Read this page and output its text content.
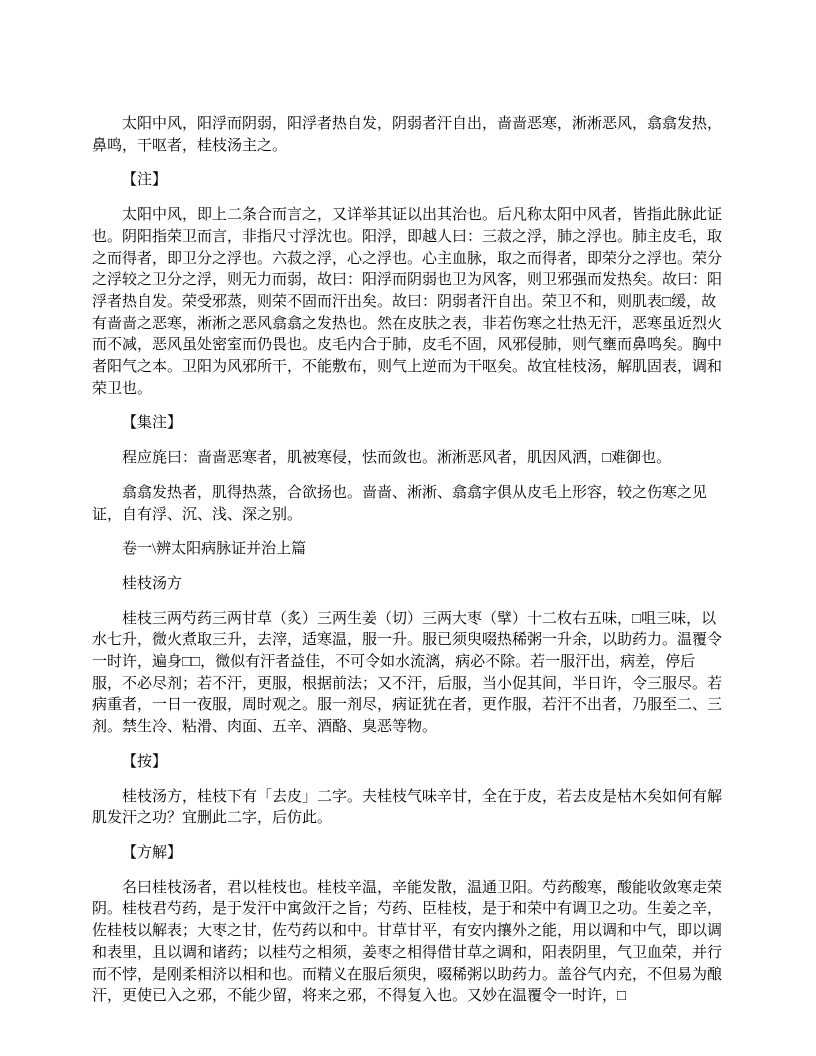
太阳中风，阳浮而阴弱，阳浮者热自发，阴弱者汗自出，啬啬恶寒，淅淅恶风，翕翕发热，鼻鸣，干呕者，桂枝汤主之。

【注】

太阳中风，即上二条合而言之，又详举其证以出其治也。后凡称太阳中风者，皆指此脉此证也。阴阳指荣卫而言，非指尺寸浮沈也。阳浮，即越人曰：三菽之浮，肺之浮也。肺主皮毛，取之而得者，即卫分之浮也。六菽之浮，心之浮也。心主血脉，取之而得者，即荣分之浮也。荣分之浮较之卫分之浮，则无力而弱，故曰：阳浮而阴弱也卫为风客，则卫邪强而发热矣。故曰：阳浮者热自发。荣受邪蒸，则荣不固而汗出矣。故曰：阴弱者汗自出。荣卫不和，则肌表□缓，故有啬啬之恶寒，淅淅之恶风翕翕之发热也。然在皮肤之表，非若伤寒之壮热无汗，恶寒虽近烈火而不减，恶风虽处密室而仍畏也。皮毛内合于肺，皮毛不固，风邪侵肺，则气壅而鼻鸣矣。胸中者阳气之本。卫阳为风邪所干，不能敷布，则气上逆而为干呕矣。故宜桂枝汤，解肌固表，调和荣卫也。

【集注】

程应旄曰：啬啬恶寒者，肌被寒侵，怯而敛也。淅淅恶风者，肌因风洒，□难御也。

翕翕发热者，肌得热蒸，合欲扬也。啬啬、淅淅、翕翕字俱从皮毛上形容，较之伤寒之见证，自有浮、沉、浅、深之别。

卷一\辨太阳病脉证并治上篇

桂枝汤方

桂枝三两芍药三两甘草（炙）三两生姜（切）三两大枣（擘）十二枚右五味，□咀三味，以水七升，微火煮取三升，去滓，适寒温，服一升。服已须臾啜热稀粥一升余，以助药力。温覆令一时许，遍身□□，微似有汗者益佳，不可令如水流漓，病必不除。若一服汗出，病差，停后服，不必尽剂；若不汗，更服，根据前法；又不汗，后服，当小促其间，半日许，令三服尽。若病重者，一日一夜服，周时观之。服一剂尽，病证犹在者，更作服，若汗不出者，乃服至二、三剂。禁生冷、粘滑、肉面、五辛、酒酪、臭恶等物。

【按】

桂枝汤方，桂枝下有「去皮」二字。夫桂枝气味辛甘，全在于皮，若去皮是枯木矣如何有解肌发汗之功？宜删此二字，后仿此。

【方解】

名曰桂枝汤者，君以桂枝也。桂枝辛温，辛能发散，温通卫阳。芍药酸寒，酸能收敛寒走荣阴。桂枝君芍药，是于发汗中寓敛汗之旨；芍药、臣桂枝，是于和荣中有调卫之功。生姜之辛，佐桂枝以解表；大枣之甘，佐芍药以和中。甘草甘平，有安内攘外之能，用以调和中气，即以调和表里，且以调和诸药；以桂芍之相须，姜枣之相得借甘草之调和，阳表阴里，气卫血荣，并行而不悖，是刚柔相济以相和也。而精义在服后须臾，啜稀粥以助药力。盖谷气内充，不但易为酿汗，更使已入之邪，不能少留，将来之邪，不得复入也。又妙在温覆令一时许，□
